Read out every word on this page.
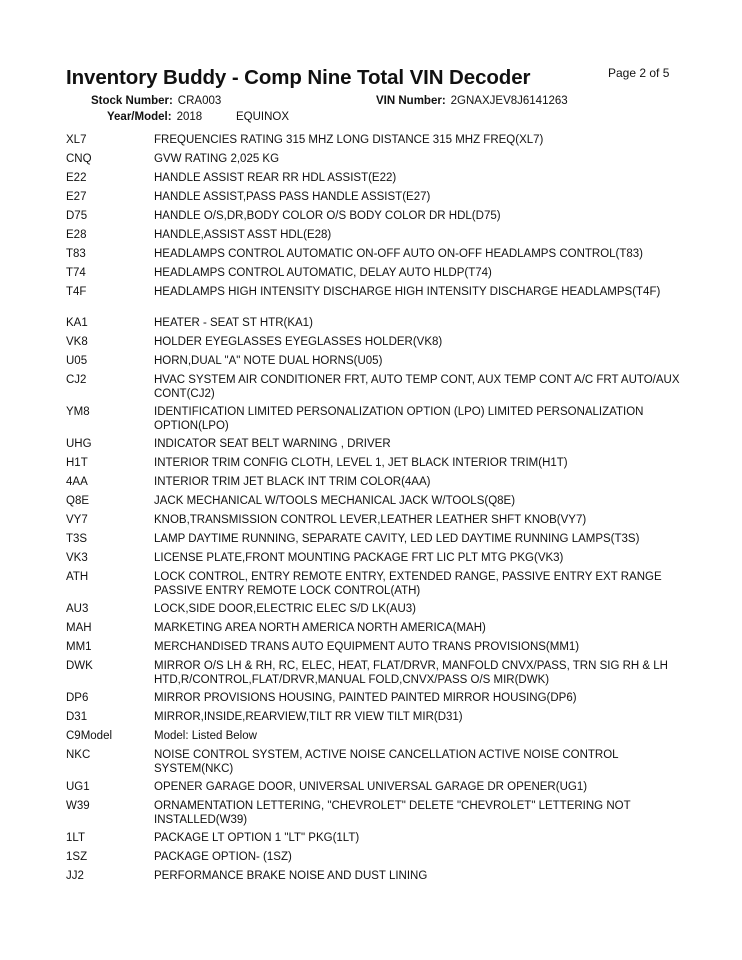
Inventory Buddy - Comp Nine Total VIN Decoder	Page 2 of 5
Stock Number: CRA003	VIN Number: 2GNAXJEV8J6141263
Year/Model: 2018	EQUINOX
XL7	FREQUENCIES RATING 315 MHZ LONG DISTANCE 315 MHZ FREQ(XL7)
CNQ	GVW RATING 2,025 KG
E22	HANDLE ASSIST REAR RR HDL ASSIST(E22)
E27	HANDLE ASSIST,PASS PASS HANDLE ASSIST(E27)
D75	HANDLE O/S,DR,BODY COLOR O/S BODY COLOR DR HDL(D75)
E28	HANDLE,ASSIST ASST HDL(E28)
T83	HEADLAMPS CONTROL AUTOMATIC ON-OFF AUTO ON-OFF HEADLAMPS CONTROL(T83)
T74	HEADLAMPS CONTROL AUTOMATIC, DELAY AUTO HLDP(T74)
T4F	HEADLAMPS HIGH INTENSITY DISCHARGE HIGH INTENSITY DISCHARGE HEADLAMPS(T4F)
KA1	HEATER - SEAT ST HTR(KA1)
VK8	HOLDER EYEGLASSES EYEGLASSES HOLDER(VK8)
U05	HORN,DUAL "A" NOTE DUAL HORNS(U05)
CJ2	HVAC SYSTEM AIR CONDITIONER FRT, AUTO TEMP CONT, AUX TEMP CONT A/C FRT AUTO/AUX CONT(CJ2)
YM8	IDENTIFICATION LIMITED PERSONALIZATION OPTION (LPO) LIMITED PERSONALIZATION OPTION(LPO)
UHG	INDICATOR SEAT BELT WARNING , DRIVER
H1T	INTERIOR TRIM CONFIG CLOTH, LEVEL 1, JET BLACK INTERIOR TRIM(H1T)
4AA	INTERIOR TRIM JET BLACK INT TRIM COLOR(4AA)
Q8E	JACK MECHANICAL W/TOOLS MECHANICAL JACK W/TOOLS(Q8E)
VY7	KNOB,TRANSMISSION CONTROL LEVER,LEATHER LEATHER SHFT KNOB(VY7)
T3S	LAMP DAYTIME RUNNING, SEPARATE CAVITY, LED LED DAYTIME RUNNING LAMPS(T3S)
VK3	LICENSE PLATE,FRONT MOUNTING PACKAGE FRT LIC PLT MTG PKG(VK3)
ATH	LOCK CONTROL, ENTRY REMOTE ENTRY, EXTENDED RANGE, PASSIVE ENTRY EXT RANGE PASSIVE ENTRY REMOTE LOCK CONTROL(ATH)
AU3	LOCK,SIDE DOOR,ELECTRIC ELEC S/D LK(AU3)
MAH	MARKETING AREA NORTH AMERICA NORTH AMERICA(MAH)
MM1	MERCHANDISED TRANS AUTO EQUIPMENT AUTO TRANS PROVISIONS(MM1)
DWK	MIRROR O/S LH & RH, RC, ELEC, HEAT, FLAT/DRVR, MANFOLD CNVX/PASS, TRN SIG RH & LH HTD,R/CONTROL,FLAT/DRVR,MANUAL FOLD,CNVX/PASS O/S MIR(DWK)
DP6	MIRROR PROVISIONS HOUSING, PAINTED PAINTED MIRROR HOUSING(DP6)
D31	MIRROR,INSIDE,REARVIEW,TILT RR VIEW TILT MIR(D31)
C9Model	Model: Listed Below
NKC	NOISE CONTROL SYSTEM, ACTIVE NOISE CANCELLATION ACTIVE NOISE CONTROL SYSTEM(NKC)
UG1	OPENER GARAGE DOOR, UNIVERSAL UNIVERSAL GARAGE DR OPENER(UG1)
W39	ORNAMENTATION LETTERING, "CHEVROLET" DELETE "CHEVROLET" LETTERING NOT INSTALLED(W39)
1LT	PACKAGE LT OPTION 1 "LT" PKG(1LT)
1SZ	PACKAGE OPTION- (1SZ)
JJ2	PERFORMANCE BRAKE NOISE AND DUST LINING
